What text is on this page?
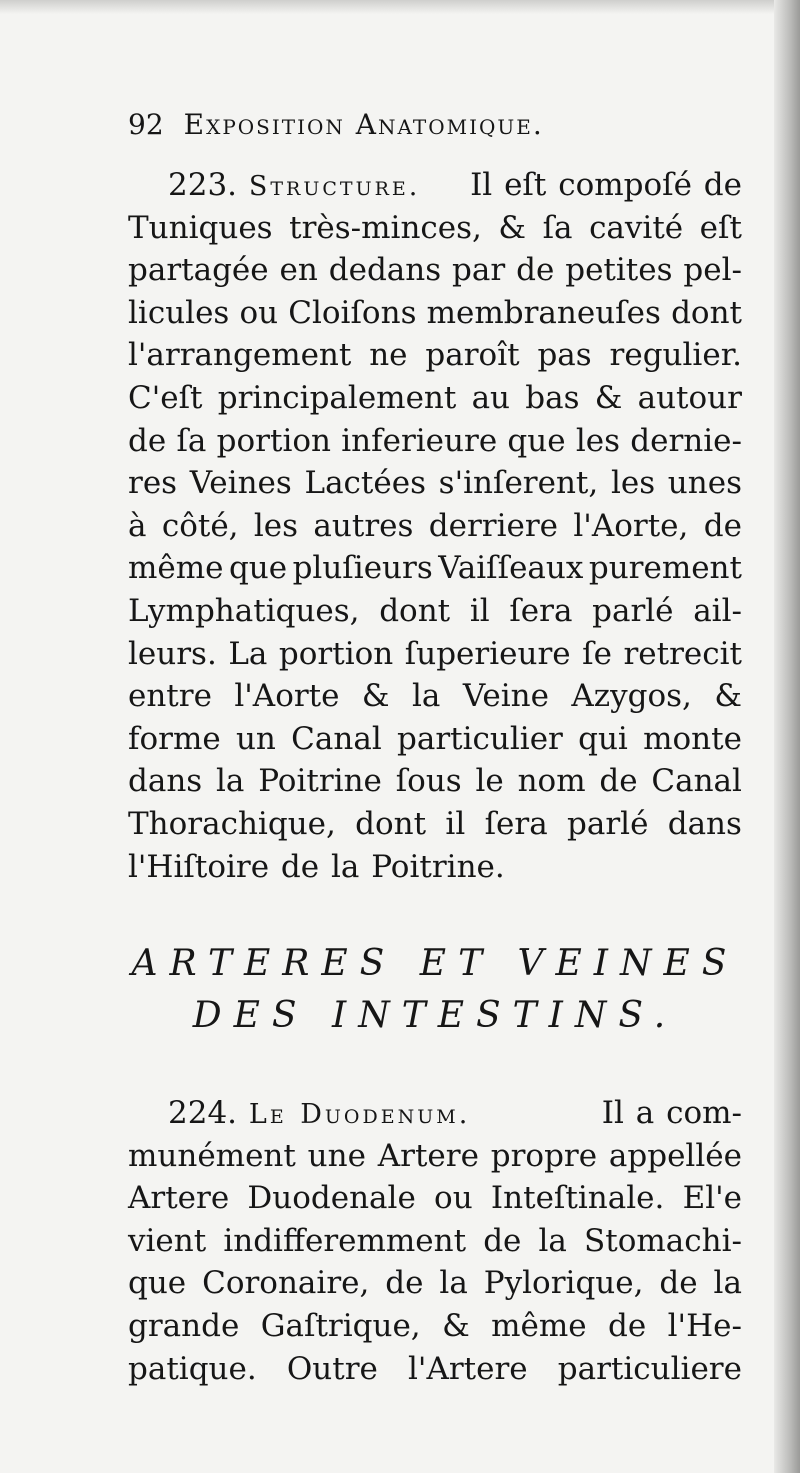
92 Exposition Anatomique.
223. Structure. Il eſt compoſé de
Tuniques très-minces, & ſa cavité eſt
partagée en dedans par de petites pel-
licules ou Cloiſons membraneuſes dont
l'arrangement ne paroît pas regulier.
C'eſt principalement au bas & autour
de ſa portion inferieure que les dernie-
res Veines Lactées s'inſerent, les unes
à côté, les autres derriere l'Aorte, de
même que pluſieurs Vaiſſeaux purement
Lymphatiques, dont il ſera parlé ail-
leurs. La portion ſuperieure ſe retrecit
entre l'Aorte & la Veine Azygos, &
forme un Canal particulier qui monte
dans la Poitrine ſous le nom de Canal
Thorachique, dont il ſera parlé dans
l'Hiſtoire de la Poitrine.
ARTERES ET VEINES
DES INTESTINS.
224. Le Duodenum.	Il a com-
munément une Artere propre appellée
Artere Duodenale ou Inteſtinale. El'e
vient indifferemment de la Stomachi-
que Coronaire, de la Pylorique, de la
grande Gaſtrique, & même de l'He-
patique. Outre l'Artere particuliere
